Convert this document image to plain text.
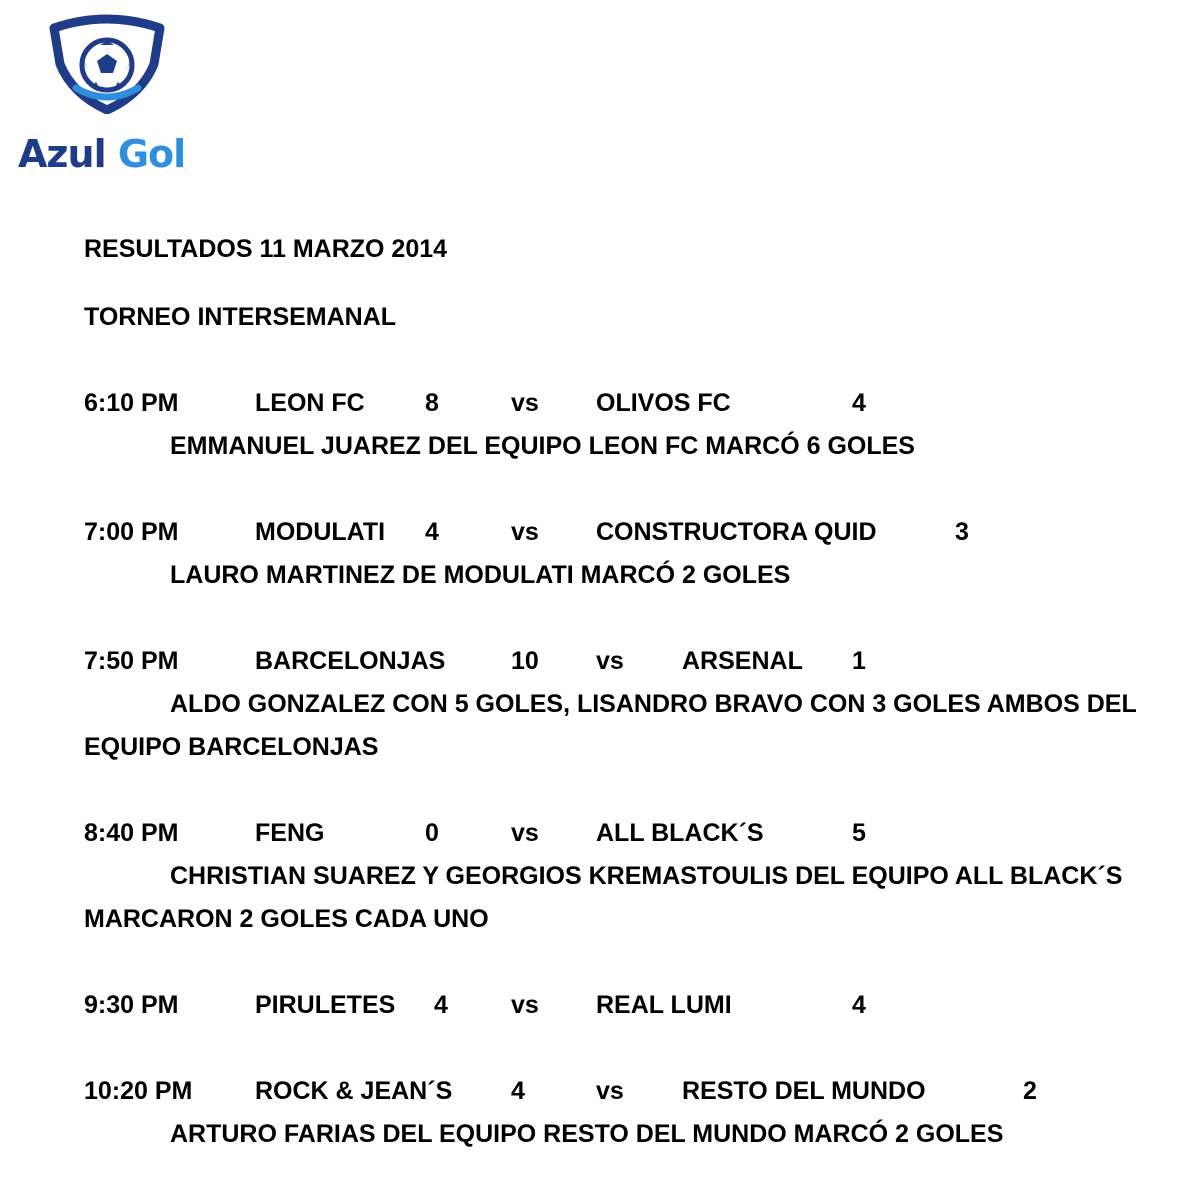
Azul Gol
RESULTADOS 11 MARZO 2014
TORNEO INTERSEMANAL
6:10 PM	LEON FC 8	vs OLIVOS FC	4
EMMANUEL JUAREZ DEL EQUIPO LEON FC MARCÓ 6 GOLES
7:00 PM	MODULATI 4	vs CONSTRUCTORA QUID	3
LAURO MARTINEZ DE MODULATI MARCÓ 2 GOLES
7:50 PM	BARCELONJAS	10 vs ARSENAL 1
ALDO GONZALEZ CON 5 GOLES, LISANDRO BRAVO CON 3 GOLES AMBOS DEL EQUIPO BARCELONJAS
8:40 PM	FENG	0	vs ALL BLACK´S	5
CHRISTIAN SUAREZ Y GEORGIOS KREMASTOULIS DEL EQUIPO ALL BLACK´S MARCARON 2 GOLES CADA UNO
9:30 PM	PIRULETES 4	vs REAL LUMI	4
10:20 PM	ROCK & JEAN´S 4	vs RESTO DEL MUNDO	2
ARTURO FARIAS DEL EQUIPO RESTO DEL MUNDO MARCÓ 2 GOLES
